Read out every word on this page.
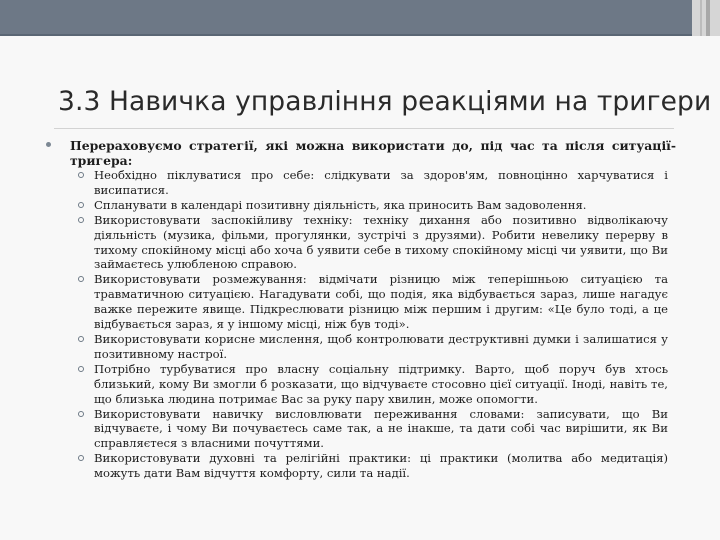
3.3 Навичка управління реакціями на тригери
Перераховуємо стратегії, які можна використати до, під час та після ситуації-тригера:
Необхідно піклуватися про себе: слідкувати за здоров'ям, повноцінно харчуватися і висипатися.
Спланувати в календарі позитивну діяльність, яка приносить Вам задоволення.
Використовувати заспокійливу техніку: техніку дихання або позитивно відволікаючу діяльність (музика, фільми, прогулянки, зустрічі з друзями). Робити невелику перерву в тихому спокійному місці або хоча б уявити себе в тихому спокійному місці чи уявити, що Ви займаєтесь улюбленою справою.
Використовувати розмежування: відмічати різницю між теперішньою ситуацією та травматичною ситуацією. Нагадувати собі, що подія, яка відбувається зараз, лише нагадує важке пережите явище. Підкреслювати різницю між першим і другим: «Це було тоді, а це відбувається зараз, я у іншому місці, ніж був тоді».
Використовувати корисне мислення, щоб контролювати деструктивні думки і залишатися у позитивному настрої.
Потрібно турбуватися про власну соціальну підтримку. Варто, щоб поруч був хтось близький, кому Ви змогли б розказати, що відчуваєте стосовно цієї ситуації. Іноді, навіть те, що близька людина потримає Вас за руку пару хвилин, може опомогти.
Використовувати навичку висловлювати переживання словами: записувати, що Ви відчуваєте, і чому Ви почуваєтесь саме так, а не інакше, та дати собі час вирішити, як Ви справляєтеся з власними почуттями.
Використовувати духовні та релігійні практики: ці практики (молитва або медитація) можуть дати Вам відчуття комфорту, сили та надії.
